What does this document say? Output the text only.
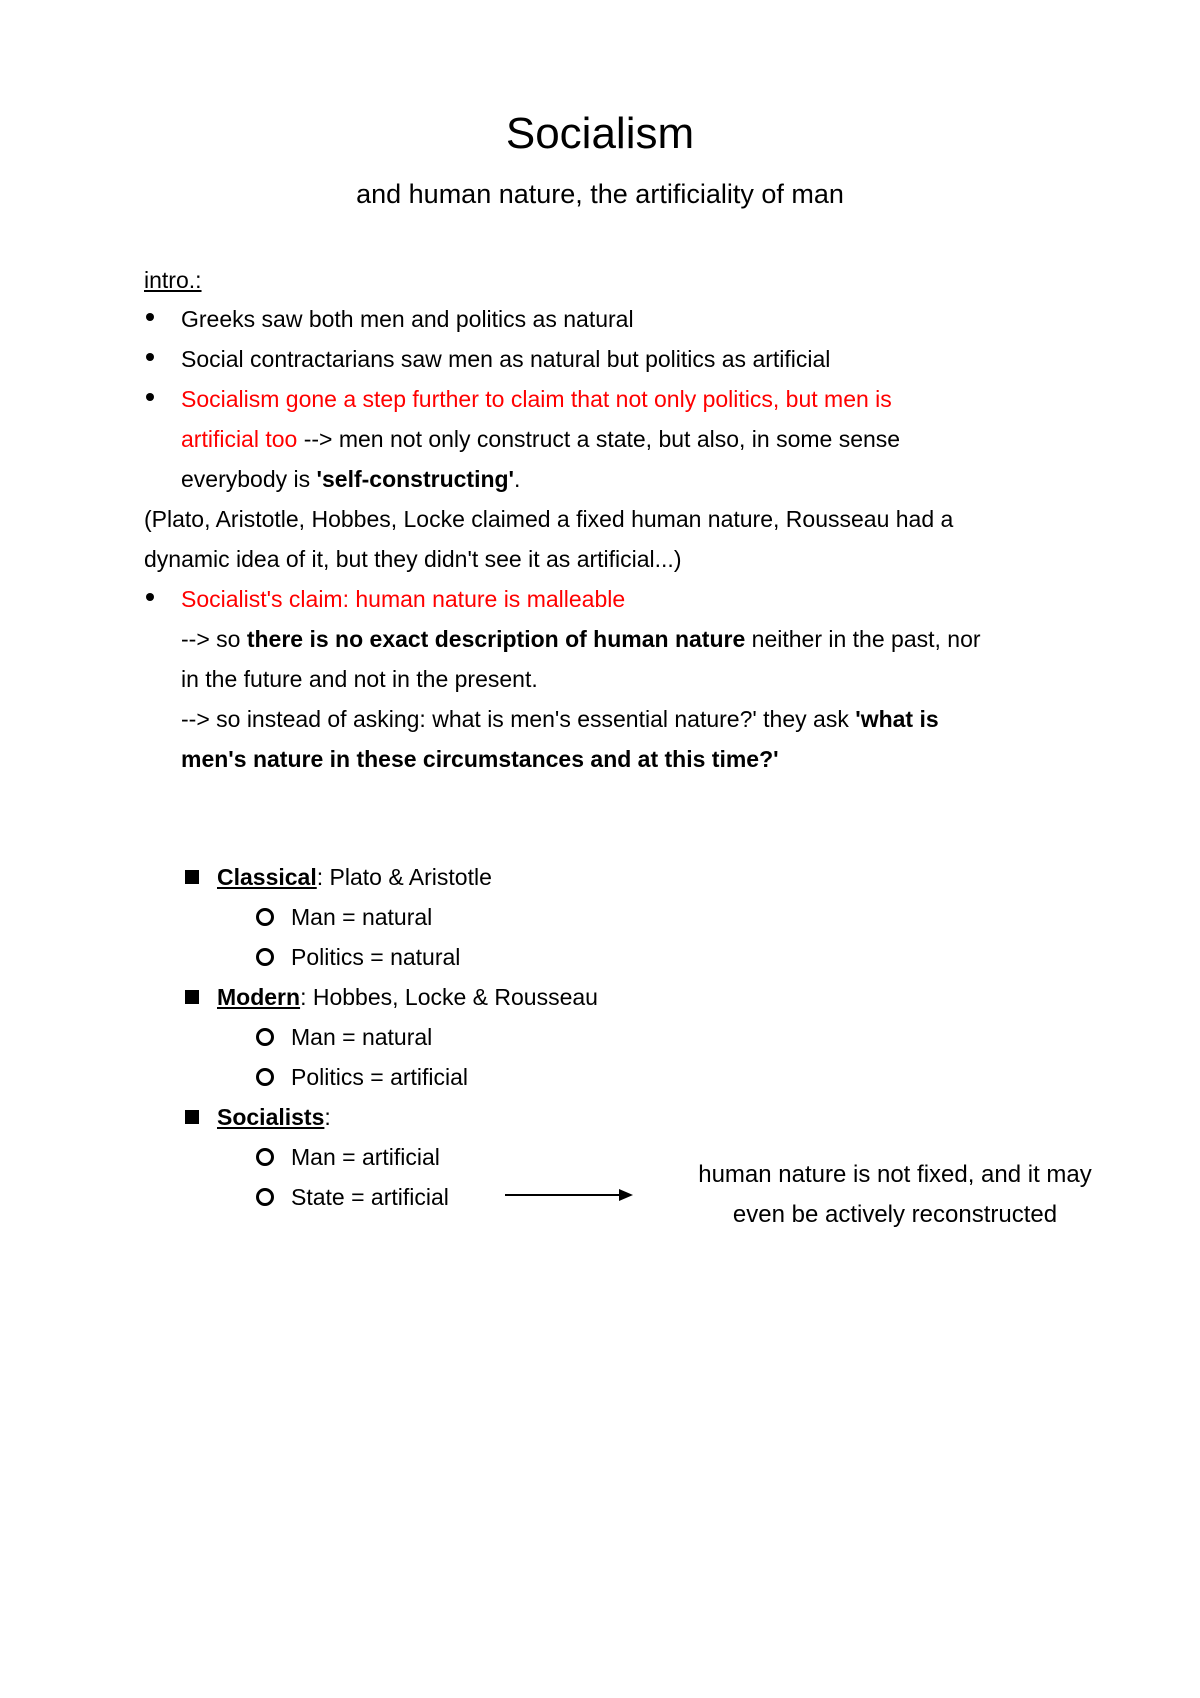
Socialism
and human nature, the artificiality of man
intro.:
Greeks saw both men and politics as natural
Social contractarians saw men as natural but politics as artificial
Socialism gone a step further to claim that not only politics, but men is
artificial too --> men not only construct a state, but also, in some sense
everybody is 'self-constructing'.
(Plato, Aristotle, Hobbes, Locke claimed a fixed human nature, Rousseau had a
dynamic idea of it, but they didn't see it as artificial...)
Socialist's claim: human nature is malleable
--> so there is no exact description of human nature neither in the past, nor
in the future and not in the present.
--> so instead of asking: what is men's essential nature?' they ask 'what is
men's nature in these circumstances and at this time?'
Classical: Plato & Aristotle
Man = natural
Politics = natural
Modern: Hobbes, Locke & Rousseau
Man = natural
Politics = artificial
Socialists:
Man = artificial
State = artificial
human nature is not fixed, and it may
even be actively reconstructed
